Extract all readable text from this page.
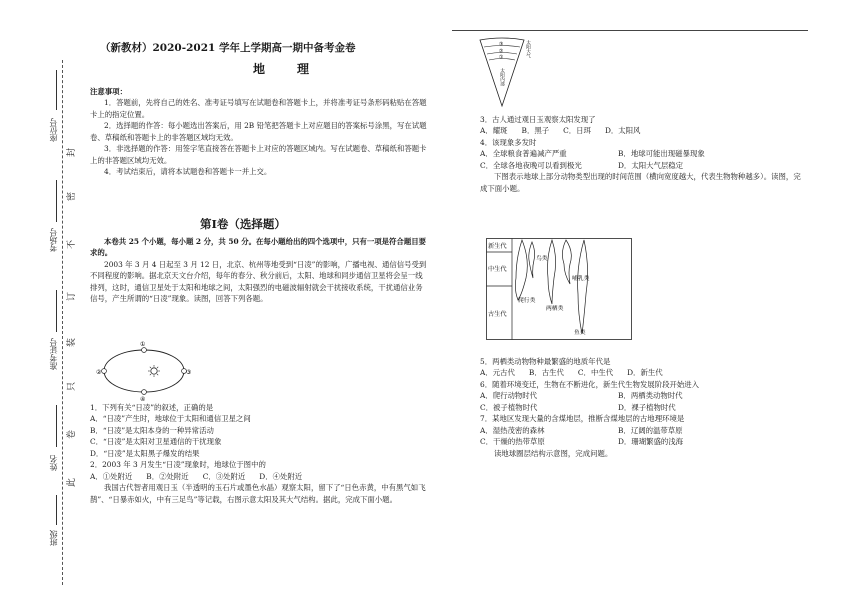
座位号
考场号
准考证号
姓名
班级
封
密
不
订
装
只
卷
此
（新教材）2020-2021 学年上学期高一期中备考金卷
地　理

注意事项：

1．答题前，先将自己的姓名、准考证号填写在试题卷和答题卡上，并将准考证号条形码粘贴在答题卡上的指定位置。

2．选择题的作答：每小题选出答案后，用 2B 铅笔把答题卡上对应题目的答案标号涂黑，写在试题卷、草稿纸和答题卡上的非答题区域均无效。

3．非选择题的作答：用签字笔直接答在答题卡上对应的答题区域内。写在试题卷、草稿纸和答题卡上的非答题区域均无效。

4．考试结束后，请将本试题卷和答题卡一并上交。

第Ⅰ卷（选择题）

本卷共 25 个小题，每小题 2 分，共 50 分。在每小题给出的四个选项中，只有一项是符合题目要求的。

2003 年 3 月 4 日起至 3 月 12 日，北京、杭州等地受到“日凌”的影响，广播电视、通信信号受到不同程度的影响。据北京天文台介绍，每年的春分、秋分前后，太阳、地球和同步通信卫星将会呈一线排列，这时，通信卫星处于太阳和地球之间，太阳强烈的电磁波辐射就会干扰接收系统，干扰通信业务信号，产生所谓的“日凌”现象。读图，回答下列各题。

①
②	③
④

1．下列有关“日凌”的叙述，正确的是

A．“日凌”产生时，地球位于太阳和通信卫星之间

B．“日凌”是太阳本身的一种异常活动

C．“日凌”是太阳对卫星通信的干扰现象

D．“日凌”是太阳黑子爆发的结果

2．2003 年 3 月发生“日凌”现象时，地球位于图中的

A．①处附近 B．②处附近 C．③处附近 D．④处附近

我国古代智者用观日玉（半透明的玉石片或墨色水晶）观察太阳，留下了“日色赤黄，中有黑气如飞鹊”、“日暴赤如火，中有三足鸟”等记载，右图示意太阳及其大气结构。据此，完成下面小题。

③
②
①	太阳大气
太阳内部

3．古人通过观日玉观察太阳发现了

A．耀斑 B．黑子 C．日珥 D．太阳风

4．该现象多发时

A．全球粮食普遍减产严重	B．地球可能出现磁暴现象
C．全球各地夜晚可以看到极光	D．太阳大气层稳定

下图表示地球上部分动物类型出现的时间范围（横向宽度越大，代表生物物种越多）。读图，完成下面小题。

新生代
中生代
古生代
鸟类
哺乳类
爬行类
两栖类
鱼类

5．两栖类动物物种最繁盛的地质年代是

A．元古代 B．古生代 C．中生代 D．新生代

6．随着环境变迁，生物在不断进化，新生代生物发展阶段开始进入

A．爬行动物时代	B．两栖类动物时代
C．被子植物时代	D．裸子植物时代

7．某地区发现大量的含煤地层，推断含煤地层的古地理环境是

A．湿热茂密的森林	B．辽阔的温带草原
C．干燥的热带草原	D．珊瑚繁盛的浅海

读地球圈层结构示意图，完成问题。
